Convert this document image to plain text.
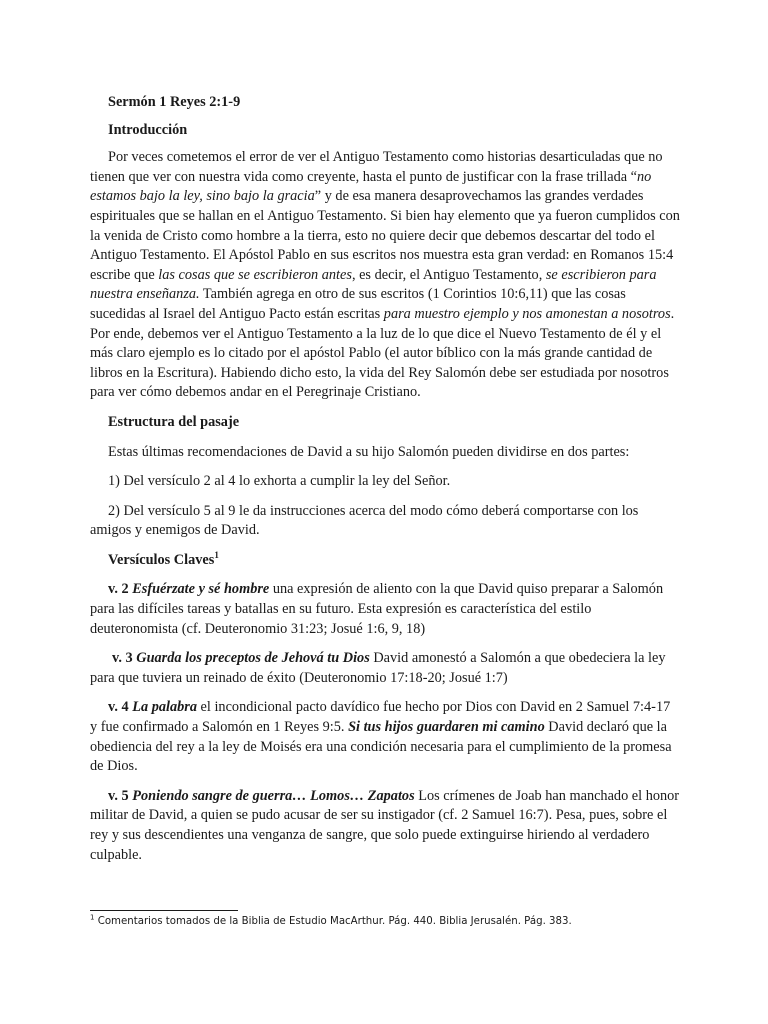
Sermón 1 Reyes 2:1-9

Introducción

Por veces cometemos el error de ver el Antiguo Testamento como historias desarticuladas que no tienen que ver con nuestra vida como creyente, hasta el punto de justificar con la frase trillada “no estamos bajo la ley, sino bajo la gracia” y de esa manera desaprovechamos las grandes verdades espirituales que se hallan en el Antiguo Testamento. Si bien hay elemento que ya fueron cumplidos con la venida de Cristo como hombre a la tierra, esto no quiere decir que debemos descartar del todo el Antiguo Testamento. El Apóstol Pablo en sus escritos nos muestra esta gran verdad: en Romanos 15:4 escribe que las cosas que se escribieron antes, es decir, el Antiguo Testamento, se escribieron para nuestra enseñanza. También agrega en otro de sus escritos (1 Corintios 10:6,11) que las cosas sucedidas al Israel del Antiguo Pacto están escritas para muestro ejemplo y nos amonestan a nosotros. Por ende, debemos ver el Antiguo Testamento a la luz de lo que dice el Nuevo Testamento de él y el más claro ejemplo es lo citado por el apóstol Pablo (el autor bíblico con la más grande cantidad de libros en la Escritura). Habiendo dicho esto, la vida del Rey Salomón debe ser estudiada por nosotros para ver cómo debemos andar en el Peregrinaje Cristiano.

Estructura del pasaje

Estas últimas recomendaciones de David a su hijo Salomón pueden dividirse en dos partes:

1) Del versículo 2 al 4 lo exhorta a cumplir la ley del Señor.

2) Del versículo 5 al 9 le da instrucciones acerca del modo cómo deberá comportarse con los amigos y enemigos de David.

Versículos Claves$^1$

v. 2 Esfuérzate y sé hombre una expresión de aliento con la que David quiso preparar a Salomón para las difíciles tareas y batallas en su futuro. Esta expresión es característica del estilo deuteronomista (cf. Deuteronomio 31:23; Josué 1:6, 9, 18)

v. 3 Guarda los preceptos de Jehová tu Dios David amonestó a Salomón a que obedeciera la ley para que tuviera un reinado de éxito (Deuteronomio 17:18-20; Josué 1:7)

v. 4 La palabra el incondicional pacto davídico fue hecho por Dios con David en 2 Samuel 7:4-17 y fue confirmado a Salomón en 1 Reyes 9:5. Si tus hijos guardaren mi camino David declaró que la obediencia del rey a la ley de Moisés era una condición necesaria para el cumplimiento de la promesa de Dios.

v. 5 Poniendo sangre de guerra… Lomos… Zapatos Los crímenes de Joab han manchado el honor militar de David, a quien se pudo acusar de ser su instigador (cf. 2 Samuel 16:7). Pesa, pues, sobre el rey y sus descendientes una venganza de sangre, que solo puede extinguirse hiriendo al verdadero culpable.

$^1$ Comentarios tomados de la Biblia de Estudio MacArthur. Pág. 440. Biblia Jerusalén. Pág. 383.
